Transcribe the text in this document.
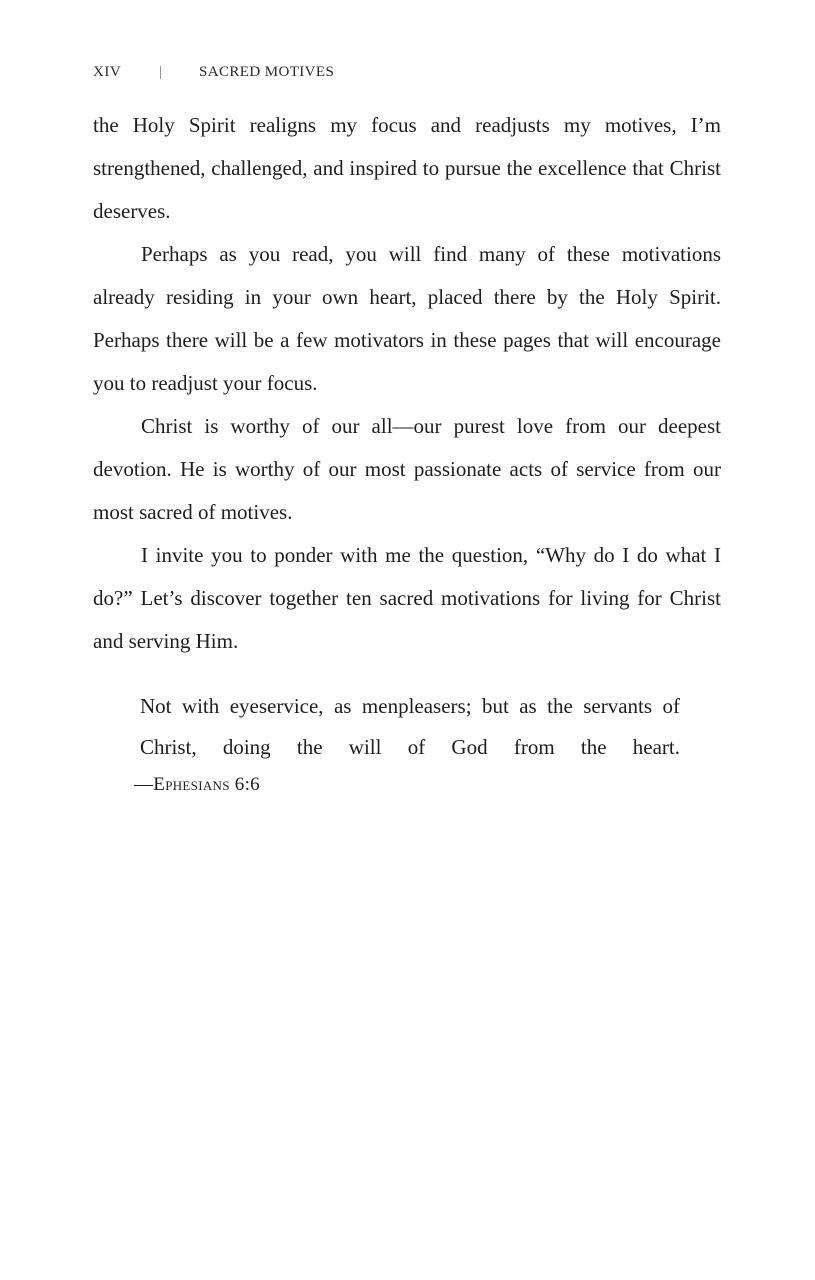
XIV	|	SACRED MOTIVES

the Holy Spirit realigns my focus and readjusts my motives, I’m strengthened, challenged, and inspired to pursue the excellence that Christ deserves.

Perhaps as you read, you will find many of these motivations already residing in your own heart, placed there by the Holy Spirit. Perhaps there will be a few motivators in these pages that will encourage you to readjust your focus.

Christ is worthy of our all—our purest love from our deepest devotion. He is worthy of our most passionate acts of service from our most sacred of motives.

I invite you to ponder with me the question, “Why do I do what I do?” Let’s discover together ten sacred motivations for living for Christ and serving Him.

Not with eyeservice, as menpleasers; but as the servants of Christ, doing the will of God from the heart.

—Ephesians 6:6
